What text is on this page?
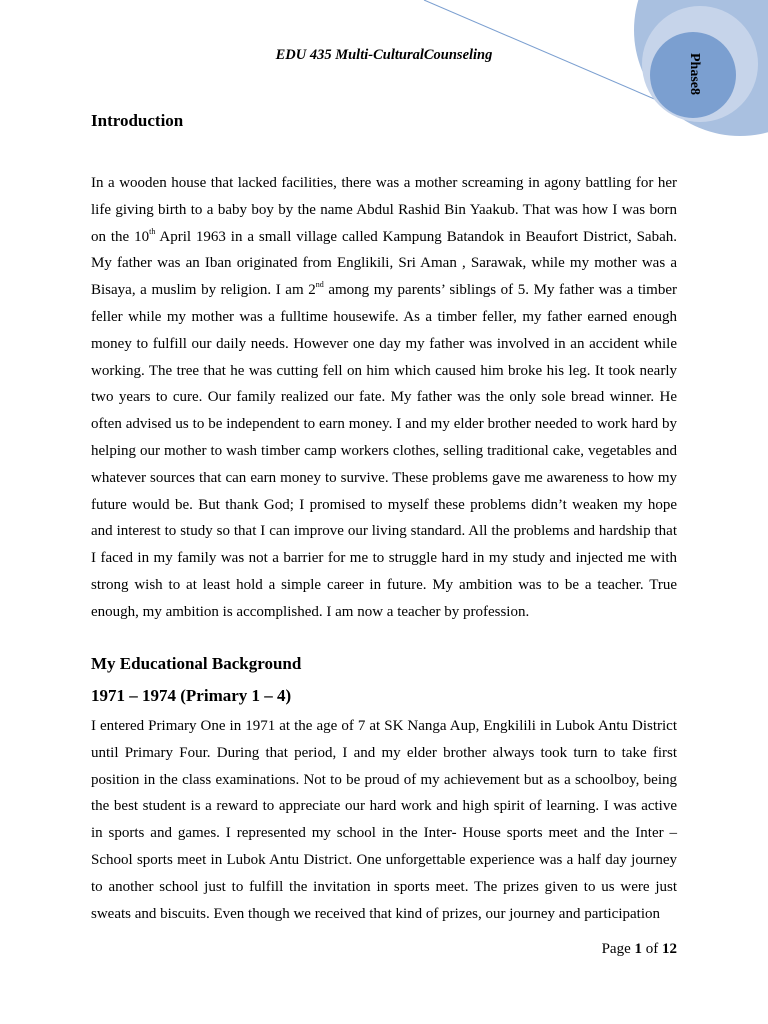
Phase8
EDU 435 Multi-CulturalCounseling
Introduction

In a wooden house that lacked facilities, there was a mother screaming in agony battling for her life giving birth to a baby boy by the name Abdul Rashid Bin Yaakub. That was how I was born on the 10th April 1963 in a small village called Kampung Batandok in Beaufort District, Sabah. My father was an Iban originated from Englikili, Sri Aman , Sarawak, while my mother was a Bisaya, a muslim by religion. I am 2nd among my parents’ siblings of 5. My father was a timber feller while my mother was a fulltime housewife. As a timber feller, my father earned enough money to fulfill our daily needs. However one day my father was involved in an accident while working. The tree that he was cutting fell on him which caused him broke his leg. It took nearly two years to cure. Our family realized our fate. My father was the only sole bread winner. He often advised us to be independent to earn money. I and my elder brother needed to work hard by helping our mother to wash timber camp workers clothes, selling traditional cake, vegetables and whatever sources that can earn money to survive. These problems gave me awareness to how my future would be. But thank God; I promised to myself these problems didn’t weaken my hope and interest to study so that I can improve our living standard. All the problems and hardship that I faced in my family was not a barrier for me to struggle hard in my study and injected me with strong wish to at least hold a simple career in future. My ambition was to be a teacher. True enough, my ambition is accomplished. I am now a teacher by profession.

My Educational Background
1971 – 1974 (Primary 1 – 4)

I entered Primary One in 1971 at the age of 7 at SK Nanga Aup, Engkilili in Lubok Antu District until Primary Four. During that period, I and my elder brother always took turn to take first position in the class examinations. Not to be proud of my achievement but as a schoolboy, being the best student is a reward to appreciate our hard work and high spirit of learning. I was active in sports and games. I represented my school in the Inter- House sports meet and the Inter – School sports meet in Lubok Antu District. One unforgettable experience was a half day journey to another school just to fulfill the invitation in sports meet. The prizes given to us were just sweats and biscuits. Even though we received that kind of prizes, our journey and participation

Page 1 of 12
